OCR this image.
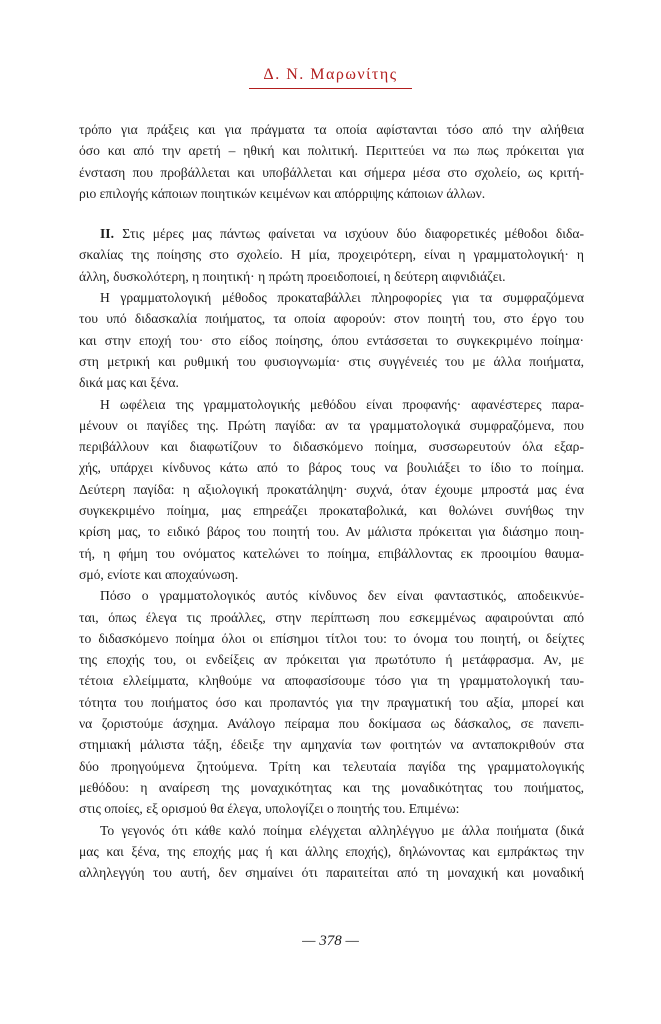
Δ. Ν. Μαρωνίτης
τρόπο για πράξεις και για πράγματα τα οποία αφίστανται τόσο από την αλήθεια
όσο και από την αρετή – ηθική και πολιτική. Περιττεύει να πω πως πρόκειται για
ένσταση που προβάλλεται και υποβάλλεται και σήμερα μέσα στο σχολείο, ως κριτή-
ριο επιλογής κάποιων ποιητικών κειμένων και απόρριψης κάποιων άλλων.
ΙΙ. Στις μέρες μας πάντως φαίνεται να ισχύουν δύο διαφορετικές μέθοδοι διδα-
σκαλίας της ποίησης στο σχολείο. Η μία, προχειρότερη, είναι η γραμματολογική· η
άλλη, δυσκολότερη, η ποιητική· η πρώτη προειδοποιεί, η δεύτερη αιφνιδιάζει.
Η γραμματολογική μέθοδος προκαταβάλλει πληροφορίες για τα συμφραζόμενα
του υπό διδασκαλία ποιήματος, τα οποία αφορούν: στον ποιητή του, στο έργο του
και στην εποχή του· στο είδος ποίησης, όπου εντάσσεται το συγκεκριμένο ποίημα·
στη μετρική και ρυθμική του φυσιογνωμία· στις συγγένειές του με άλλα ποιήματα,
δικά μας και ξένα.
Η ωφέλεια της γραμματολογικής μεθόδου είναι προφανής· αφανέστερες παρα-
μένουν οι παγίδες της. Πρώτη παγίδα: αν τα γραμματολογικά συμφραζόμενα, που
περιβάλλουν και διαφωτίζουν το διδασκόμενο ποίημα, συσσωρευτούν όλα εξαρ-
χής, υπάρχει κίνδυνος κάτω από το βάρος τους να βουλιάξει το ίδιο το ποίημα.
Δεύτερη παγίδα: η αξιολογική προκατάληψη· συχνά, όταν έχουμε μπροστά μας ένα
συγκεκριμένο ποίημα, μας επηρεάζει προκαταβολικά, και θολώνει συνήθως την
κρίση μας, το ειδικό βάρος του ποιητή του. Αν μάλιστα πρόκειται για διάσημο ποιη-
τή, η φήμη του ονόματος κατελώνει το ποίημα, επιβάλλοντας εκ προοιμίου θαυμα-
σμό, ενίοτε και αποχαύνωση.
Πόσο ο γραμματολογικός αυτός κίνδυνος δεν είναι φανταστικός, αποδεικνύε-
ται, όπως έλεγα τις προάλλες, στην περίπτωση που εσκεμμένως αφαιρούνται από
το διδασκόμενο ποίημα όλοι οι επίσημοι τίτλοι του: το όνομα του ποιητή, οι δείχτες
της εποχής του, οι ενδείξεις αν πρόκειται για πρωτότυπο ή μετάφρασμα. Αν, με
τέτοια ελλείμματα, κληθούμε να αποφασίσουμε τόσο για τη γραμματολογική ταυ-
τότητα του ποιήματος όσο και προπαντός για την πραγματική του αξία, μπορεί και
να ζοριστούμε άσχημα. Ανάλογο πείραμα που δοκίμασα ως δάσκαλος, σε πανεπι-
στημιακή μάλιστα τάξη, έδειξε την αμηχανία των φοιτητών να ανταποκριθούν στα
δύο προηγούμενα ζητούμενα. Τρίτη και τελευταία παγίδα της γραμματολογικής
μεθόδου: η αναίρεση της μοναχικότητας και της μοναδικότητας του ποιήματος,
στις οποίες, εξ ορισμού θα έλεγα, υπολογίζει ο ποιητής του. Επιμένω:
Το γεγονός ότι κάθε καλό ποίημα ελέγχεται αλληλέγγυο με άλλα ποιήματα (δικά
μας και ξένα, της εποχής μας ή και άλλης εποχής), δηλώνοντας και εμπράκτως την
αλληλεγγύη του αυτή, δεν σημαίνει ότι παραιτείται από τη μοναχική και μοναδική
— 378 —
